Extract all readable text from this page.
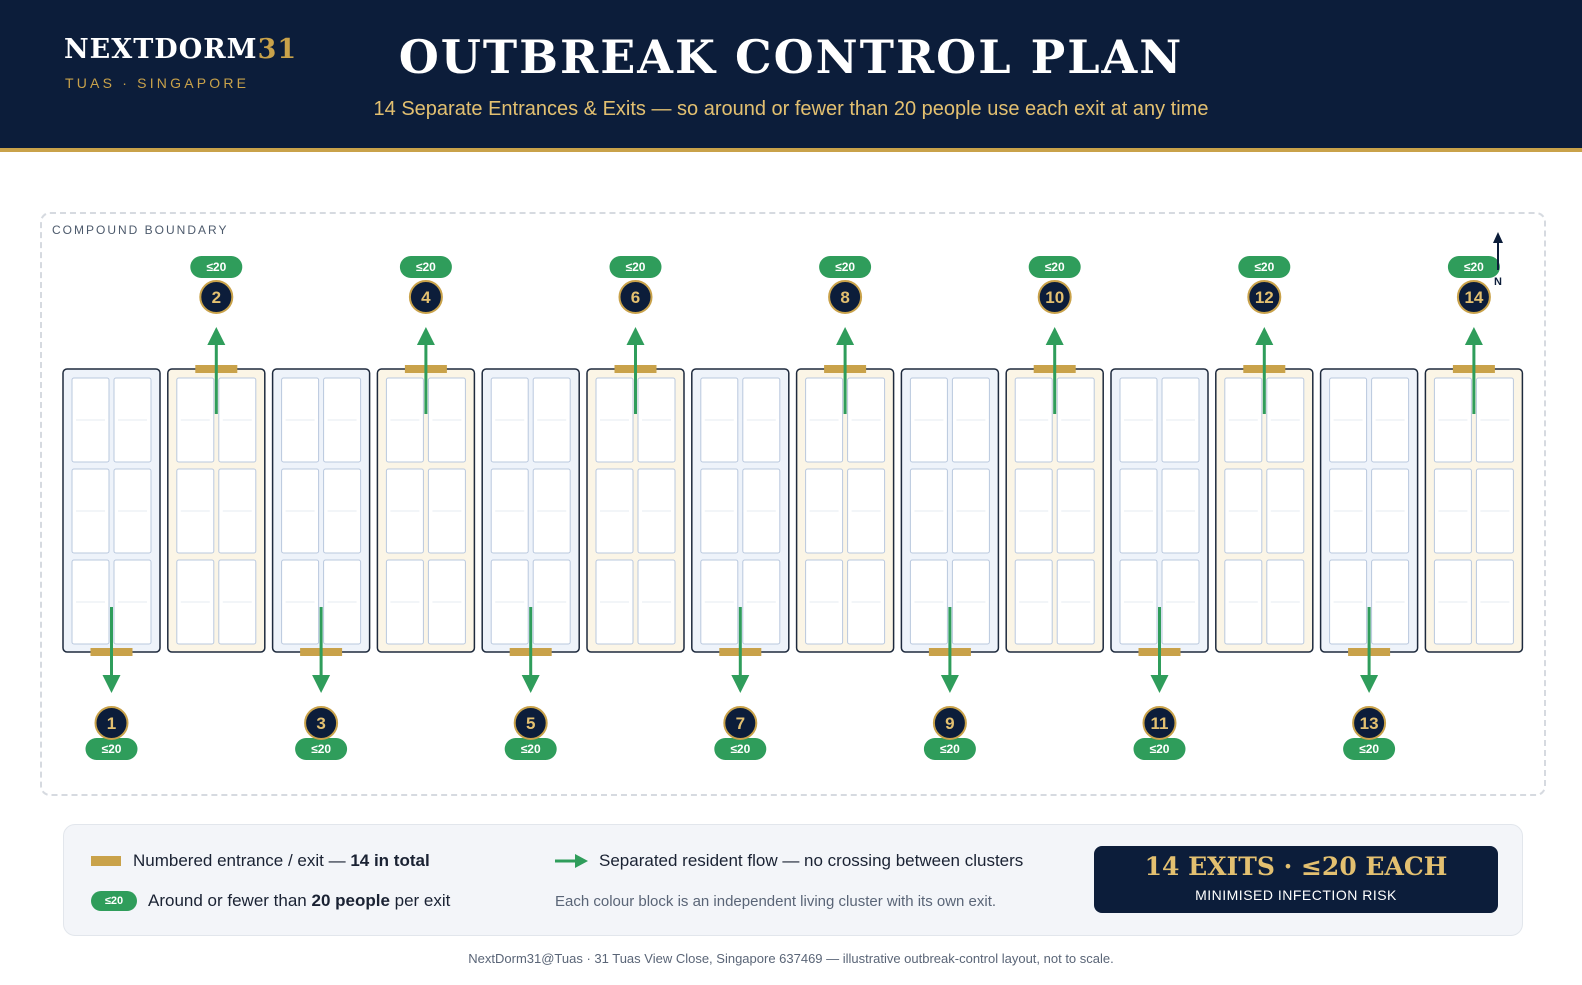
NEXTDORM31
TUAS · SINGAPORE	OUTBREAK CONTROL PLAN
14 Separate Entrances & Exits — so around or fewer than 20 people use each exit at any time
COMPOUND BOUNDARY
≤20
1
≤20
2
≤20
3
≤20
4
≤20
5
≤20
6
≤20
7
≤20
8
≤20
9
≤20
10
≤20
11
≤20
12
≤20
13
≤20
14
N
Numbered entrance / exit — 14 in total
≤20	Around or fewer than 20 people per exit
Separated resident flow — no crossing between clusters
Each colour block is an independent living cluster with its own exit.
14 EXITS · ≤20 EACH
MINIMISED INFECTION RISK
NextDorm31@Tuas · 31 Tuas View Close, Singapore 637469 — illustrative outbreak-control layout, not to scale.
